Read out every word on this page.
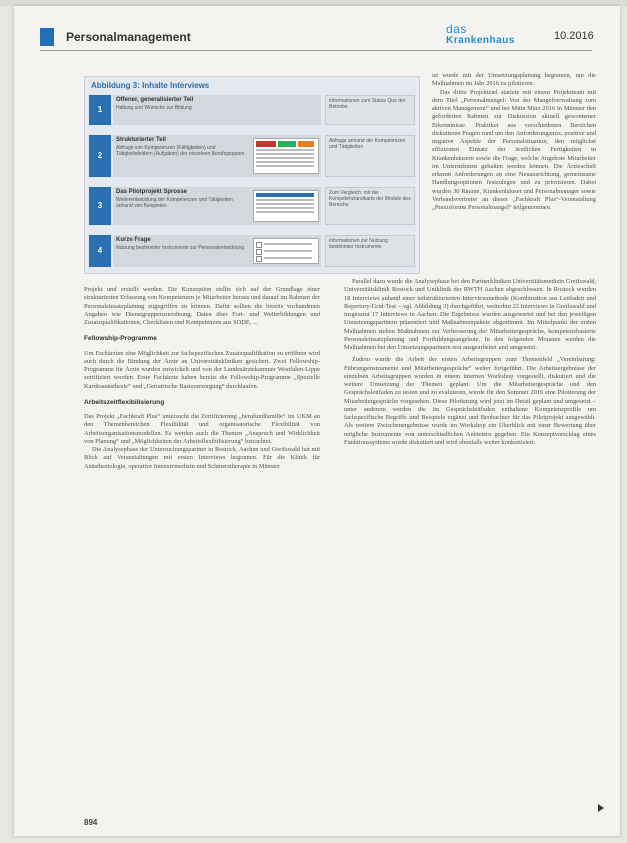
Personalmanagement
das
Krankenhaus	10.2016
Abbildung 3: Inhalte Interviews
1
Offener, generalisierter Teil
Haltung und Wünsche zur Bildung
Informationen zum Status Quo der Betriebe
2
Strukturierter Teil
Abfrage von Kompetenzen (Fähigkeiten) und Tätigkeitsfeldern (Aufgaben) der einzelnen Berufsgruppen
Abfrage anhand der Kompetenzen und Tätigkeiten
3
Das Pilotprojekt Sprosse
Weiterentwicklung der Kompetenzen und Tätigkeiten anhand von Beispielen
Zum Vergleich: mit der Kompetenzlandkarte der Module des Bereichs
4
Kurze Frage
Nutzung bestimmter Instrumente zur Personalentwicklung
Informationen zur Nutzung bestimmter Instrumente

Projekt und erstellt werden. Die Konzeption stellte sich auf der Grundlage einer strukturierten Erfassung von Kompetenzen je Mitarbeiter heraus und darauf im Rahmen der Personaleinsatzplanung zugegriffen zu können. Dafür sollten die bereits vorhandenen Angaben wie Dienstgruppenzuordnung, Daten über Fort- und Weiterbildungen und Zusatzqualifikationen, Checklisten und Kompetenzen aus SODE, ...

Fellowship-Programme

Um Fachärzten eine Möglichkeit zur fachspezifischen Zusatzqualifikation zu eröffnen wird auch durch die Bindung der Ärzte an Universitätskliniken gesichert. Zwei Fellowship-Programme für Ärzte wurden entwickelt und von der Landesärztekammer Westfalen-Lippe zertifiziert worden. Erste Fachärzte haben bereits die Fellowship-Programme „Spezielle Kardioanästhesie“ und „Geriatrische Basisversorgung“ durchlaufen.

Arbeitszeitflexibilisierung

Das Projekt „Fachkraft Plus“ untersucht die Zertifizierung „berufundfamilie“ im UKM an den Themenbereichen Flexibilität und organisatorische Flexibilität von Arbeitsorganisationsmodellen. Es werden auch die Themen „Anspruch und Wirklichkeit von Planung“ und „Möglichkeiten der Arbeitsflexibilisierung“ betrachtet.

Die Analysephase der Untersuchungspartner in Rostock, Aachen und Greifswald hat mit Blick auf Veranstaltungen mit ersten Interviews begonnen. Für die Klinik für Anästhesiologie, operative Intensivmedizin und Schmerztherapie in Münster

ist wurde mit der Umsetzungsplanung begonnen, um die Maßnahmen im Jahr 2016 zu pilotieren.

Das dritte Projektziel startete mit einem Projektteam mit dem Titel „Personalmangel: Von der Mangelverwaltung zum aktiven Management“ und bei Mitte März 2016 in Münster den geforderten Rahmen zur Diskussion aktuell gewonnener Erkenntnisse. Praktiker aus verschiedenen Bereichen diskutieren Fragen rund um den Anforderungsmix, positive und negative Aspekte der Personalsituation, den möglichst effizienten Einsatz der ärztlichen Fertigkeiten in Krankenhäusern sowie die Frage, welche Angebote Mitarbeiter im Unternehmen gehalten werden können. Die Ärzteschaft erkennt Anforderungen an eine Neuausrichtung, gemeinsame Handlungsoptionen festzulegen und zu priorisieren. Dabei wurden 30 Räume, Krankenhäuser und Personalmanager sowie Verbandsvertreter an dieser „Fachkraft Plus“-Veranstaltung „Praxisforum Personalmangel“ teilgenommen.

Parallel dazu wurde die Analysephase bei den Partnerkliniken Universitätsmedizin Greifswald, Universitätsklinik Rostock und Uniklinik der RWTH Aachen abgeschlossen. In Rostock wurden 18 Interviews anhand einer teilstrukturierten Interviewmethode (Kombination aus Leitfaden und Repertory-Grid-Test – vgl. Abbildung 3) durchgeführt, weiterhin 22 Interviews in Greifswald und insgesamt 17 Interviews in Aachen. Die Ergebnisse wurden ausgewertet und bei den jeweiligen Umsetzungspartnern präsentiert und Maßnahmenpakete abgestimmt. Im Mittelpunkt der ersten Maßnahmen stehen Maßnahmen zur Verbesserung der Mitarbeitergespräche, kompetenzbasierte Personaleinsatzplanung und Fortbildungsangebote. In den folgenden Monaten werden die Maßnahmen bei den Umsetzungspartnern erst ausgearbeitet und umgesetzt.

Zudem wurde die Arbeit der ersten Arbeitsgruppen zum Themenfeld „Vereinbarung: Führungsinstrumente und Mitarbeitergespräche“ weiter fortgeführt. Die Arbeitsergebnisse der einzelnen Arbeitsgruppen wurden in einem internen Workshop vorgestellt, diskutiert und die weitere Umsetzung der Themen geplant. Um die Mitarbeitergespräche und den Gesprächsleitfaden zu testen und zu evaluieren, wurde für den Sommer 2016 eine Pilotierung der Mitarbeitergespräche vorgesehen. Diese Pilotierung wird jetzt im Detail geplant und umgesetzt – unter anderem werden die im Gesprächsleitfaden enthaltene Kompetenzprofile um fachspezifische Begriffe und Beispiele ergänzt und Beobachter für das Pilotprojekt ausgewählt. Als weitere Zwischenergebnisse wurde im Workshop ein Überblick mit einer Bewertung über mögliche Instrumente von unterschiedlichen Anbietern gegeben. Ein Konzeptvorschlag eines Funktionssystems wurde diskutiert und wird ebenfalls weiter konkretisiert.

894
